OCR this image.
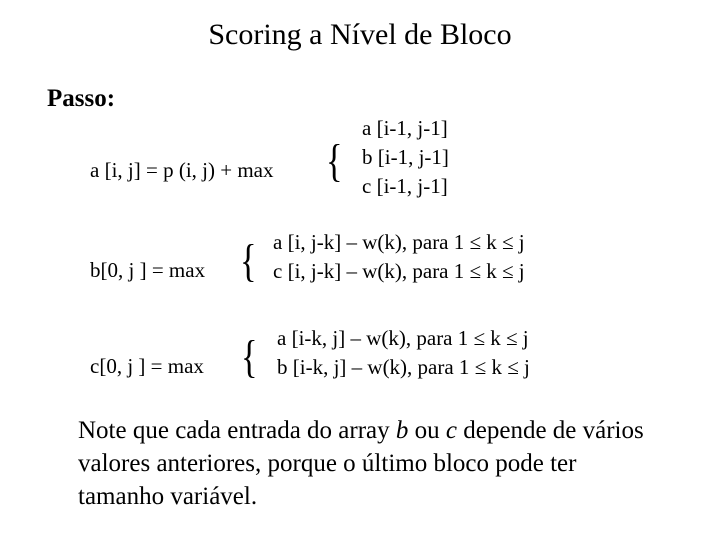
Scoring a Nível de Bloco
Passo:
a [i, j] = p (i, j) + max {
a [i-1, j-1]
b [i-1, j-1]
c [i-1, j-1]
b[0, j ] = max { a [i, j-k] – w(k), para 1 ≤ k ≤ j
c [i, j-k] – w(k), para 1 ≤ k ≤ j
c[0, j ] = max { a [i-k, j] – w(k), para 1 ≤ k ≤ j
b [i-k, j] – w(k), para 1 ≤ k ≤ j
Note que cada entrada do array b ou c depende de vários valores anteriores, porque o último bloco pode ter tamanho variável.
